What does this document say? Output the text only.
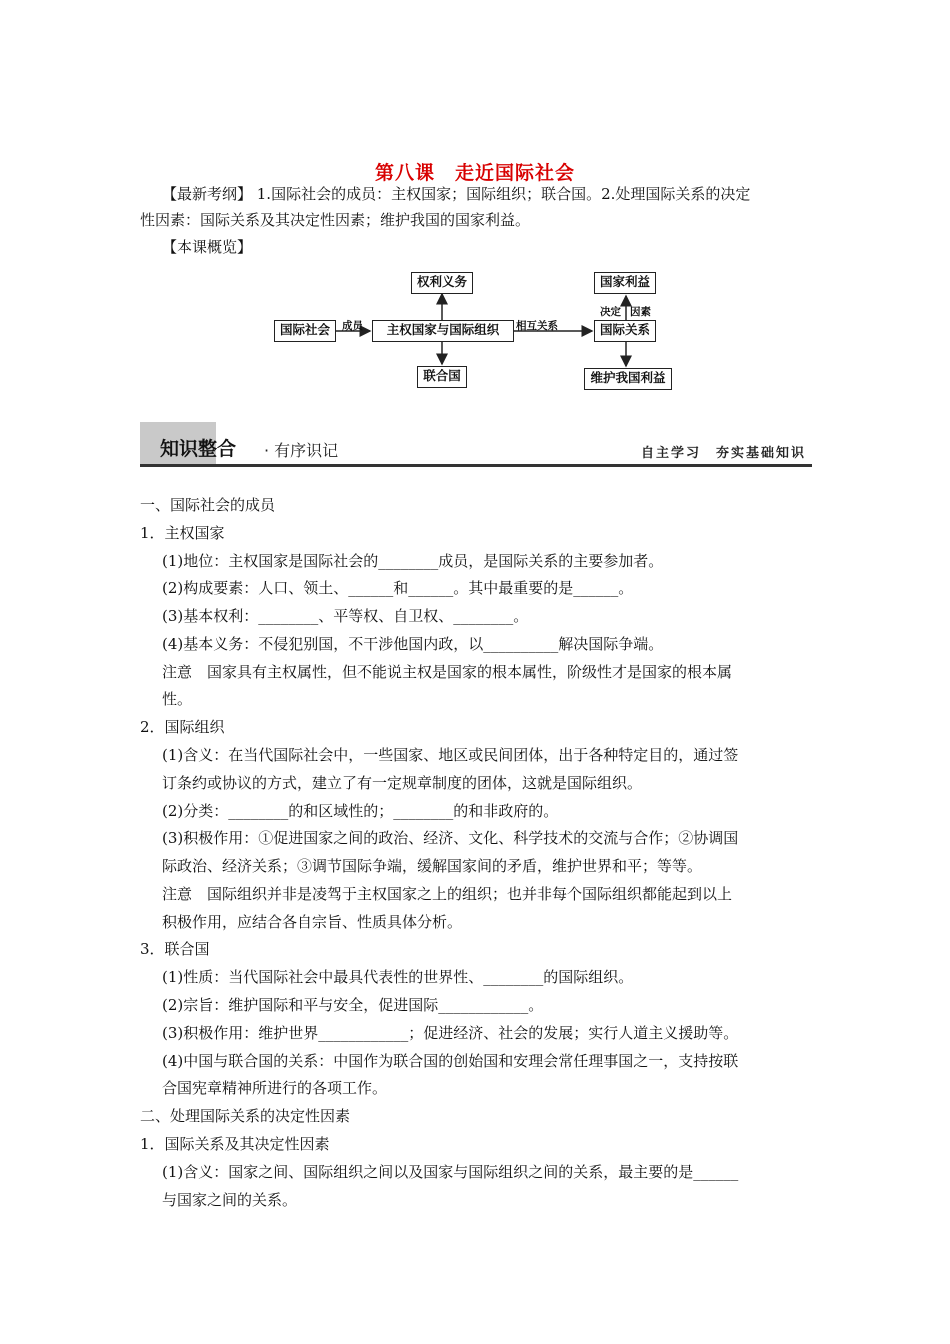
第八课　走近国际社会
【最新考纲】 1.国际社会的成员：主权国家；国际组织；联合国。2.处理国际关系的决定
性因素：国际关系及其决定性因素；维护我国的国家利益。
【本课概览】
国际社会	主权国家与国际组织
权利义务
联合国
国家利益
国际关系
维护我国利益
成员	相互关系
决定 因素
知识整合 · 有序识记	自主学习　夯实基础知识
一、国际社会的成员
1．主权国家
(1)地位：主权国家是国际社会的________成员，是国际关系的主要参加者。
(2)构成要素：人口、领土、______和______。其中最重要的是______。
(3)基本权利：________、平等权、自卫权、________。
(4)基本义务：不侵犯别国，不干涉他国内政，以__________解决国际争端。
注意　国家具有主权属性，但不能说主权是国家的根本属性，阶级性才是国家的根本属
性。
2．国际组织
(1)含义：在当代国际社会中，一些国家、地区或民间团体，出于各种特定目的，通过签
订条约或协议的方式，建立了有一定规章制度的团体，这就是国际组织。
(2)分类：________的和区域性的；________的和非政府的。
(3)积极作用：①促进国家之间的政治、经济、文化、科学技术的交流与合作；②协调国
际政治、经济关系；③调节国际争端，缓解国家间的矛盾，维护世界和平；等等。
注意　国际组织并非是凌驾于主权国家之上的组织；也并非每个国际组织都能起到以上
积极作用，应结合各自宗旨、性质具体分析。
3．联合国
(1)性质：当代国际社会中最具代表性的世界性、________的国际组织。
(2)宗旨：维护国际和平与安全，促进国际____________。
(3)积极作用：维护世界____________；促进经济、社会的发展；实行人道主义援助等。
(4)中国与联合国的关系：中国作为联合国的创始国和安理会常任理事国之一，支持按联
合国宪章精神所进行的各项工作。
二、处理国际关系的决定性因素
1．国际关系及其决定性因素
(1)含义：国家之间、国际组织之间以及国家与国际组织之间的关系，最主要的是______
与国家之间的关系。
